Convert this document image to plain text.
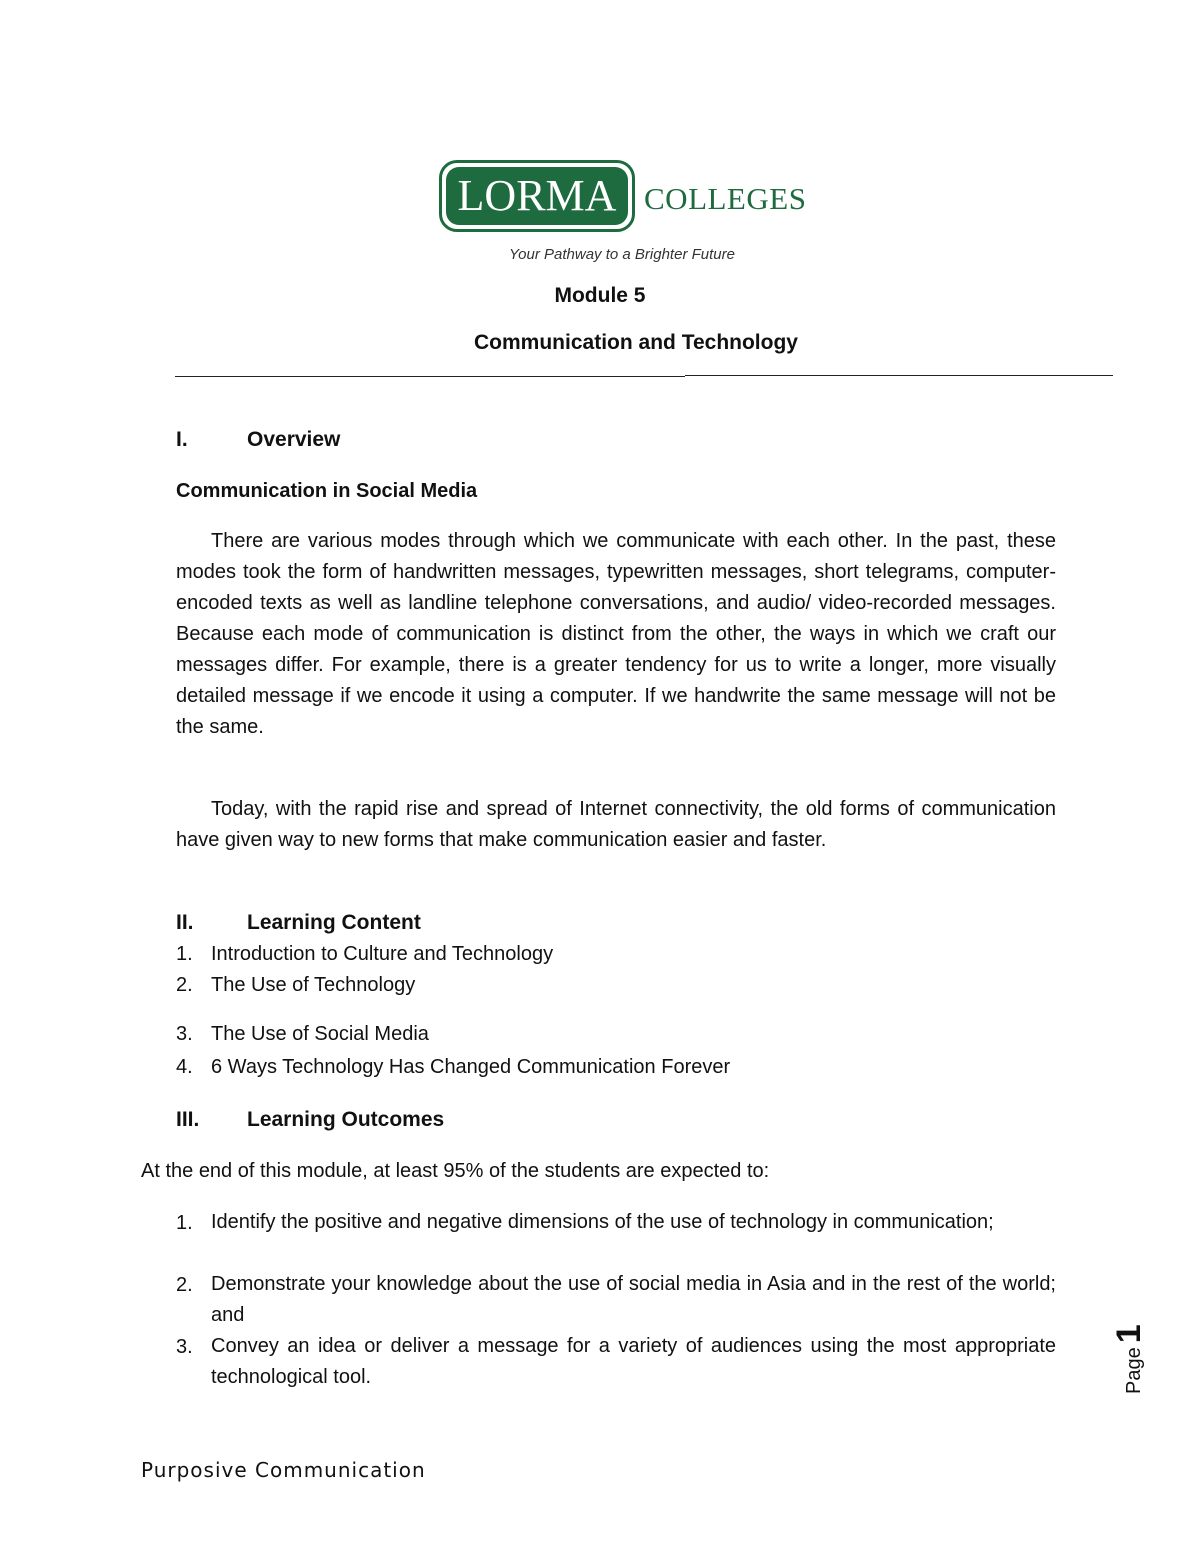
LORMA COLLEGES
Your Pathway to a Brighter Future
Module 5
Communication and Technology
I.	Overview
Communication in Social Media

There are various modes through which we communicate with each other. In the past, these modes took the form of handwritten messages, typewritten messages, short telegrams, computer-encoded texts as well as landline telephone conversations, and audio/ video-recorded messages. Because each mode of communication is distinct from the other, the ways in which we craft our messages differ. For example, there is a greater tendency for us to write a longer, more visually detailed message if we encode it using a computer. If we handwrite the same message will not be the same.

Today, with the rapid rise and spread of Internet connectivity, the old forms of communication have given way to new forms that make communication easier and faster.

II.	Learning Content
1. Introduction to Culture and Technology
2. The Use of Technology
3. The Use of Social Media
4. 6 Ways Technology Has Changed Communication Forever
III. Learning Outcomes
At the end of this module, at least 95% of the students are expected to:
1. Identify the positive and negative dimensions of the use of technology in communication;

2. Demonstrate your knowledge about the use of social media in Asia and in the rest of the world; and

3. Convey an idea or deliver a message for a variety of audiences using the most appropriate technological tool.

Purposive Communication
Page1
